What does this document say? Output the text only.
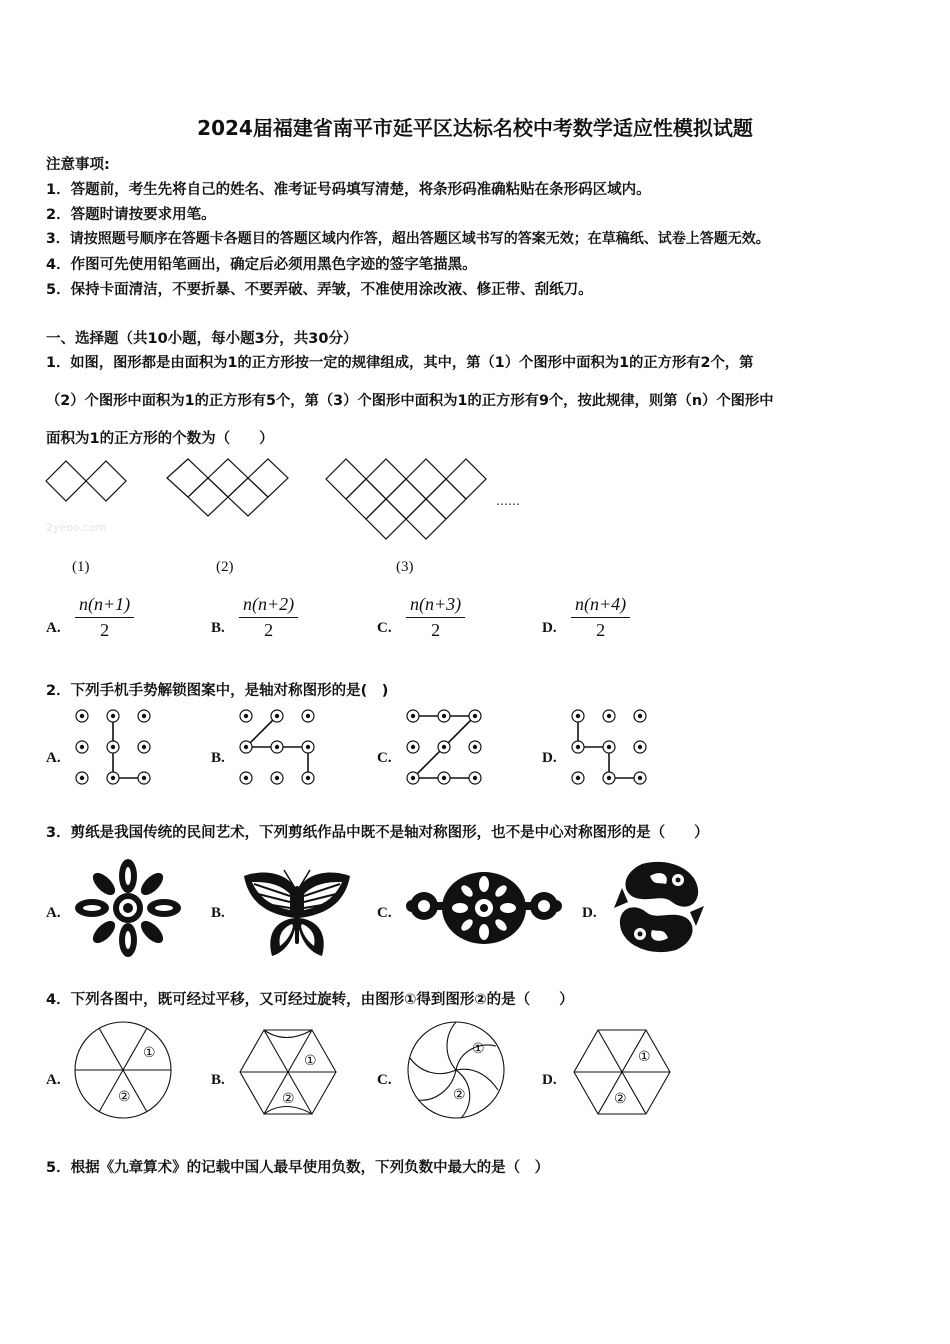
2024届福建省南平市延平区达标名校中考数学适应性模拟试题
注意事项:
1．答题前，考生先将自己的姓名、准考证号码填写清楚，将条形码准确粘贴在条形码区域内。
2．答题时请按要求用笔。
3．请按照题号顺序在答题卡各题目的答题区域内作答，超出答题区域书写的答案无效；在草稿纸、试卷上答题无效。
4．作图可先使用铅笔画出，确定后必须用黑色字迹的签字笔描黑。
5．保持卡面清洁，不要折暴、不要弄破、弄皱，不准使用涂改液、修正带、刮纸刀。
一、选择题（共10小题，每小题3分，共30分）
1．如图，图形都是由面积为1的正方形按一定的规律组成，其中，第（1）个图形中面积为1的正方形有2个，第
（2）个图形中面积为1的正方形有5个，第（3）个图形中面积为1的正方形有9个，按此规律，则第（n）个图形中
面积为1的正方形的个数为（　　）
……
2yeoo.com
(1)	(2)	(3)
A. $\frac{n(n+1)}{2}$	B. $\frac{n(n+2)}{2}$	C. $\frac{n(n+3)}{2}$	D. $\frac{n(n+4)}{2}$
2．下列手机手势解锁图案中，是轴对称图形的是(　)
A.	B.	C.	D.
3．剪纸是我国传统的民间艺术，下列剪纸作品中既不是轴对称图形，也不是中心对称图形的是（　　）
A.	B.	C.	D.
4．下列各图中，既可经过平移，又可经过旋转，由图形①得到图形②的是（　　）
A.	B.	C.	D.
①
②
①
②
①
②
①
②
5．根据《九章算术》的记载中国人最早使用负数，下列负数中最大的是（　）
